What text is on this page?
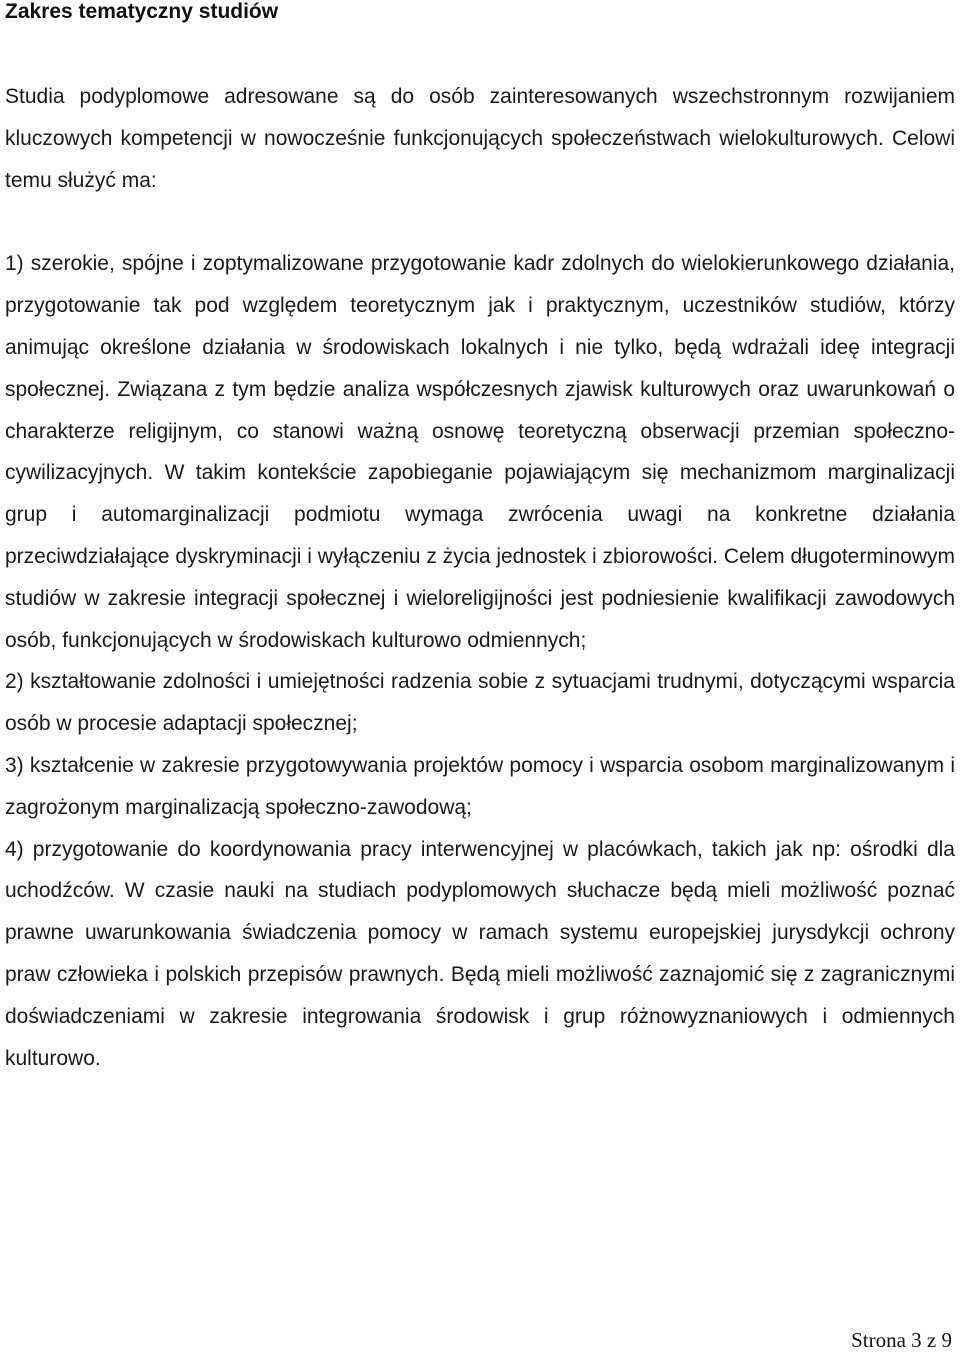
Zakres tematyczny studiów

Studia podyplomowe adresowane są do osób zainteresowanych wszechstronnym rozwijaniem kluczowych kompetencji w nowocześnie funkcjonujących społeczeństwach wielokulturowych. Celowi temu służyć ma:

1) szerokie, spójne i zoptymalizowane przygotowanie kadr zdolnych do wielokierunkowego działania, przygotowanie tak pod względem teoretycznym jak i praktycznym, uczestników studiów, którzy animując określone działania w środowiskach lokalnych i nie tylko, będą wdrażali ideę integracji społecznej. Związana z tym będzie analiza współczesnych zjawisk kulturowych oraz uwarunkowań o charakterze religijnym, co stanowi ważną osnowę teoretyczną obserwacji przemian społeczno-cywilizacyjnych. W takim kontekście zapobieganie pojawiającym się mechanizmom marginalizacji grup i automarginalizacji podmiotu wymaga zwrócenia uwagi na konkretne działania przeciwdziałające dyskryminacji i wyłączeniu z życia jednostek i zbiorowości. Celem długoterminowym studiów w zakresie integracji społecznej i wieloreligijności jest podniesienie kwalifikacji zawodowych osób, funkcjonujących w środowiskach kulturowo odmiennych;

2) kształtowanie zdolności i umiejętności radzenia sobie z sytuacjami trudnymi, dotyczącymi wsparcia osób w procesie adaptacji społecznej;

3) kształcenie w zakresie przygotowywania projektów pomocy i wsparcia osobom marginalizowanym i zagrożonym marginalizacją społeczno-zawodową;

4) przygotowanie do koordynowania pracy interwencyjnej w placówkach, takich jak np: ośrodki dla uchodźców. W czasie nauki na studiach podyplomowych słuchacze będą mieli możliwość poznać prawne uwarunkowania świadczenia pomocy w ramach systemu europejskiej jurysdykcji ochrony praw człowieka i polskich przepisów prawnych. Będą mieli możliwość zaznajomić się z zagranicznymi doświadczeniami w zakresie integrowania środowisk i grup różnowyznaniowych i odmiennych kulturowo.

Strona 3 z 9
